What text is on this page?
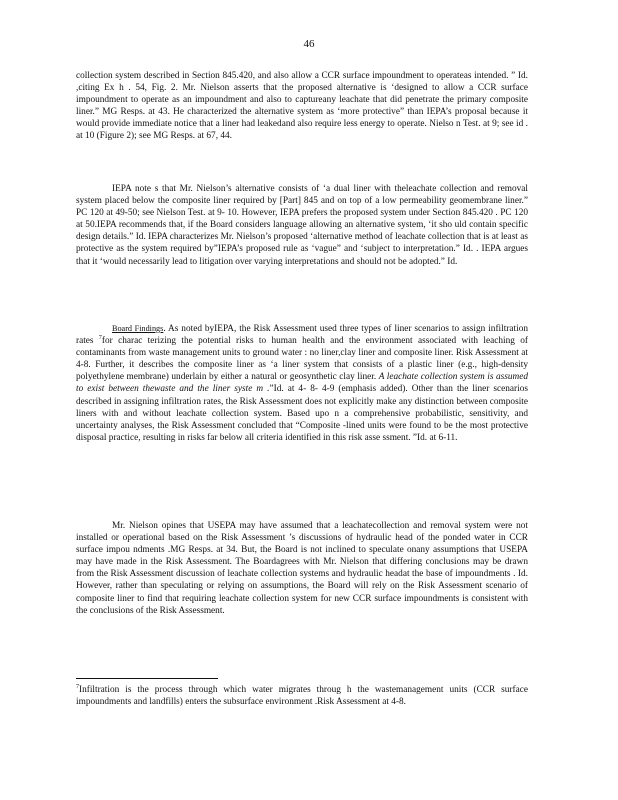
46

collection system described in Section 845.420, and also allow a CCR surface impoundment to operateas intended. ” Id. ,citing Ex h . 54, Fig. 2. Mr. Nielson asserts that the proposed alternative is ‘designed to allow a CCR surface impoundment to operate as an impoundment and also to captureany leachate that did penetrate the primary composite liner.” MG Resps. at 43. He characterized the alternative system as ‘more protective” than IEPA’s proposal because it would provide immediate notice that a liner had leakedand also require less energy to operate. Nielso n Test. at 9; see id . at 10 (Figure 2); see MG Resps. at 67, 44.

IEPA note s that Mr. Nielson’s alternative consists of ‘a dual liner with theleachate collection and removal system placed below the composite liner required by [Part] 845 and on top of a low permeability geomembrane liner.” PC 120 at 49-50; see Nielson Test. at 9- 10. However, IEPA prefers the proposed system under Section 845.420 . PC 120 at 50.IEPA recommends that, if the Board considers language allowing an alternative system, ‘it sho uld contain specific design details.” Id. IEPA characterizes Mr. Nielson’s proposed ‘alternative method of leachate collection that is at least as protective as the system required by”IEPA’s proposed rule as ‘vague” and ‘subject to interpretation.” Id. . IEPA argues that it ‘would necessarily lead to litigation over varying interpretations and should not be adopted.” Id.

Board Findings. As noted byIEPA, the Risk Assessment used three types of liner scenarios to assign infiltration rates $^7$for charac terizing the potential risks to human health and the environment associated with leaching of contaminants from waste management units to ground water : no liner,clay liner and composite liner. Risk Assessment at 4-8. Further, it describes the composite liner as ‘a liner system that consists of a plastic liner (e.g., high-density polyethylene membrane) underlain by either a natural or geosynthetic clay liner. A leachate collection system is assumed to exist between thewaste and the liner syste m .”Id. at 4- 8- 4-9 (emphasis added). Other than the liner scenarios described in assigning infiltration rates, the Risk Assessment does not explicitly make any distinction between composite liners with and without leachate collection system. Based upo n a comprehensive probabilistic, sensitivity, and uncertainty analyses, the Risk Assessment concluded that “Composite -lined units were found to be the most protective disposal practice, resulting in risks far below all criteria identified in this risk asse ssment. ”Id. at 6-11.

Mr. Nielson opines that USEPA may have assumed that a leachatecollection and removal system were not installed or operational based on the Risk Assessment ’s discussions of hydraulic head of the ponded water in CCR surface impou ndments .MG Resps. at 34. But, the Board is not inclined to speculate onany assumptions that USEPA may have made in the Risk Assessment. The Boardagrees with Mr. Nielson that differing conclusions may be drawn from the Risk Assessment discussion of leachate collection systems and hydraulic headat the base of impoundments . Id. However, rather than speculating or relying on assumptions, the Board will rely on the Risk Assessment scenario of composite liner to find that requiring leachate collection system for new CCR surface impoundments is consistent with the conclusions of the Risk Assessment.

$^7$Infiltration is the process through which water migrates throug h the wastemanagement units (CCR surface impoundments and landfills) enters the subsurface environment .Risk Assessment at 4-8.
